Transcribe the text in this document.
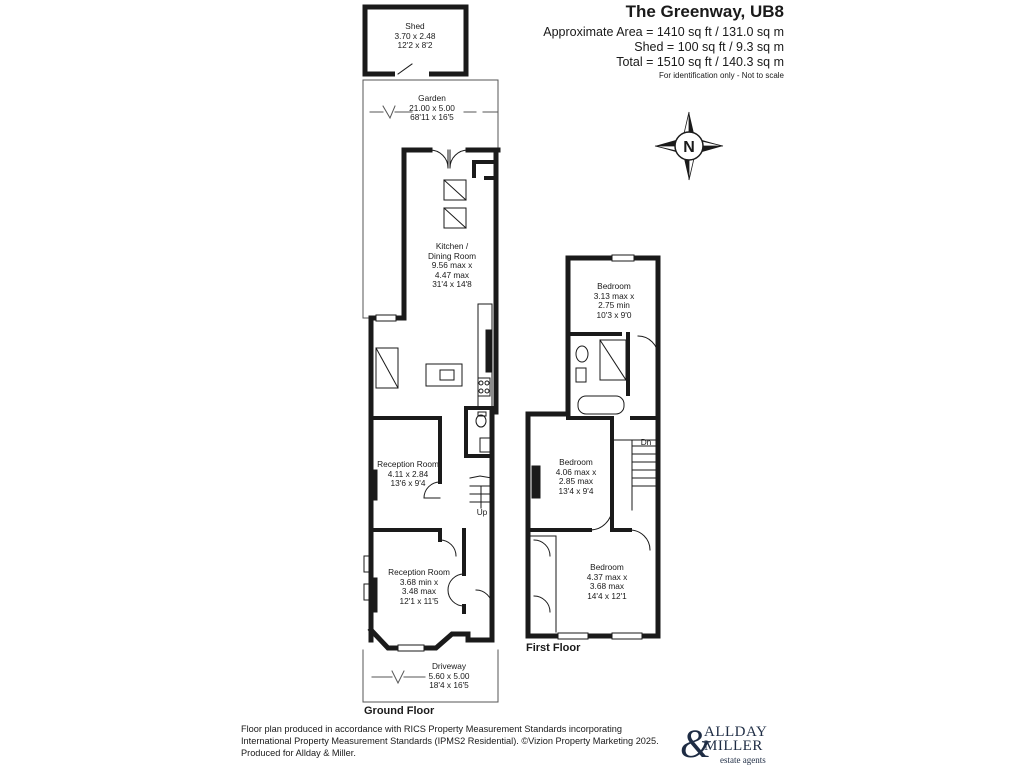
N
The Greenway, UB8
Approximate Area = 1410 sq ft / 131.0 sq m
Shed = 100 sq ft / 9.3 sq m
Total = 1510 sq ft / 140.3 sq m
For identification only - Not to scale
Shed
3.70 x 2.48
12'2 x 8'2
Garden
21.00 x 5.00
68'11 x 16'5
Kitchen /
Dining Room
9.56 max x
4.47 max
31'4 x 14'8
Reception Room
4.11 x 2.84
13'6 x 9'4
Reception Room
3.68 min x
3.48 max
12'1 x 11'5
Driveway
5.60 x 5.00
18'4 x 16'5
Bedroom
3.13 max x
2.75 min
10'3 x 9'0
Bedroom
4.06 max x
2.85 max
13'4 x 9'4
Bedroom
4.37 max x
3.68 max
14'4 x 12'1
Up
Dn
Ground Floor
First Floor
Floor plan produced in accordance with RICS Property Measurement Standards incorporating
International Property Measurement Standards (IPMS2 Residential). ©Vizion Property Marketing 2025.
Produced for Allday & Miller.	&
ALLDAY
MILLER
estate agents
